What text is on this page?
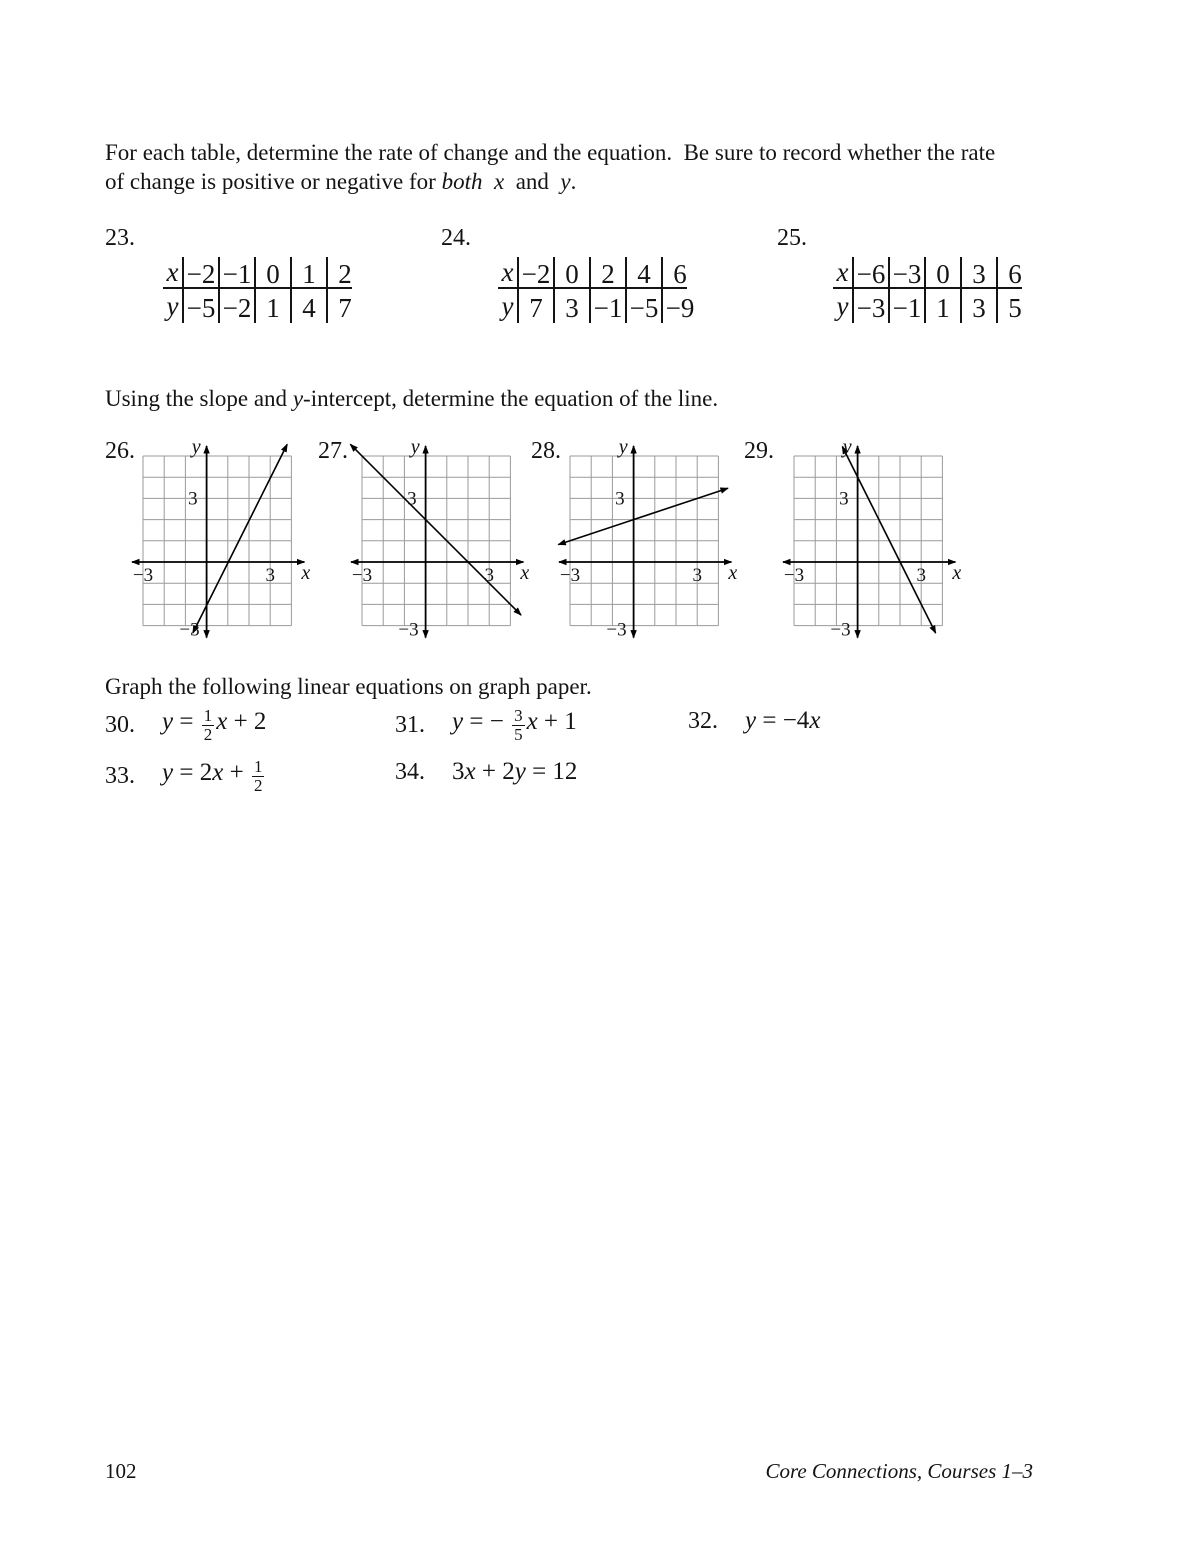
For each table, determine the rate of change and the equation.  Be sure to record whether the rate
of change is positive or negative for both x  and  y.
23.	24.	25.
x −2 −1 0 1 2
y −5 −2 1 4 7
x −2 0 2 4 6
y 7 3 −1 −5 −9
x −6 −3 0 3 6
y −3 −1 1 3 5
Using the slope and y-intercept, determine the equation of the line.
26.	27.	28.	29.
y
x
3
−3
−3	3
y
x
3
−3
−3	3
y
x
3
−3
−3	3
y
x
3
−3
−3	3
Graph the following linear equations on graph paper.
30.	$y = \frac{1}{2}$ x + 2	31.	y = − $\frac{3}{5}$ x + 1	32.	y = −4x
33.	$y = 2x + \frac{1}{2}$	34.	3x + 2y = 12
102	Core Connections, Courses 1–3
